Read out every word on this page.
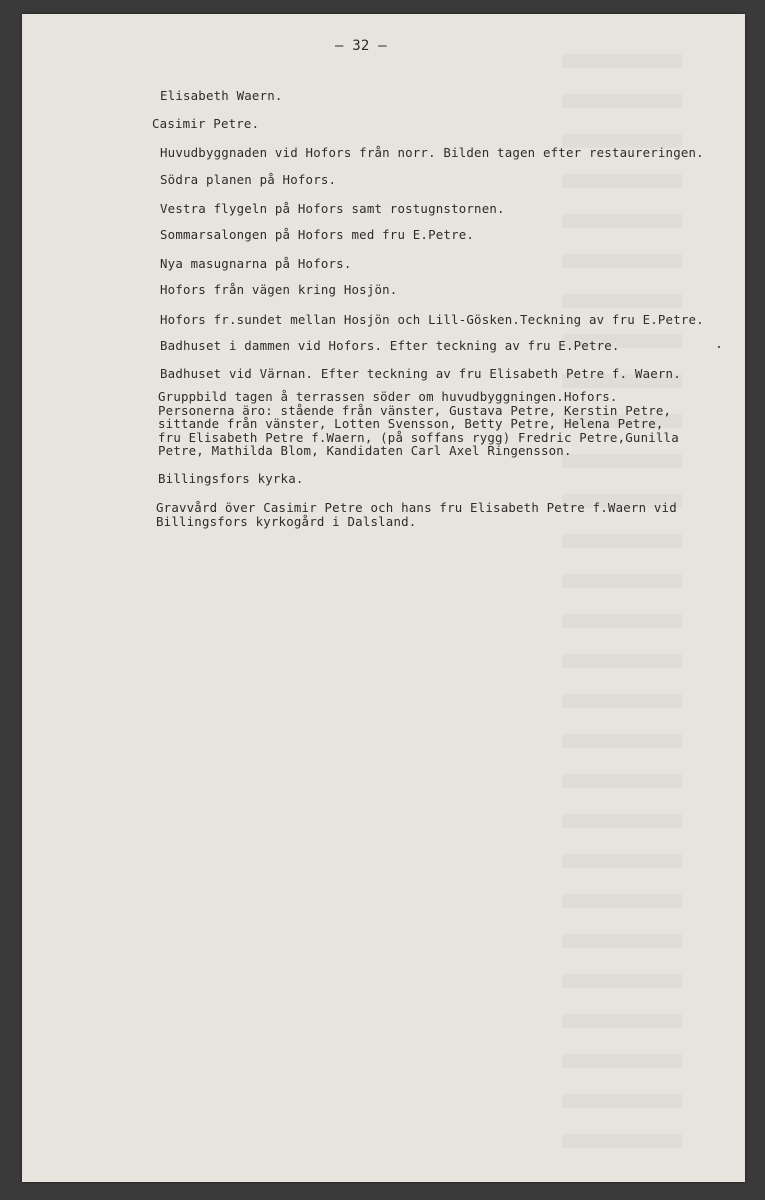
– 32 –
Elisabeth Waern.
Casimir Petre.
Huvudbyggnaden vid Hofors från norr. Bilden tagen efter restaureringen.
Södra planen på Hofors.
Vestra flygeln på Hofors samt rostugnstornen.
Sommarsalongen på Hofors med fru E.Petre.
Nya masugnarna på Hofors.
Hofors från vägen kring Hosjön.
Hofors fr.sundet mellan Hosjön och Lill-Gösken.Teckning av fru E.Petre.
Badhuset i dammen vid Hofors. Efter teckning av fru E.Petre.
Badhuset vid Värnan. Efter teckning av fru Elisabeth Petre f. Waern.
Gruppbild tagen å terrassen söder om huvudbyggningen.Hofors.
Personerna äro: stående från vänster, Gustava Petre, Kerstin Petre,
sittande från vänster, Lotten Svensson, Betty Petre, Helena Petre,
fru Elisabeth Petre f.Waern, (på soffans rygg) Fredric Petre,Gunilla
Petre, Mathilda Blom, Kandidaten Carl Axel Ringensson.
Billingsfors kyrka.
Gravvård över Casimir Petre och hans fru Elisabeth Petre f.Waern vid
Billingsfors kyrkogård i Dalsland.
